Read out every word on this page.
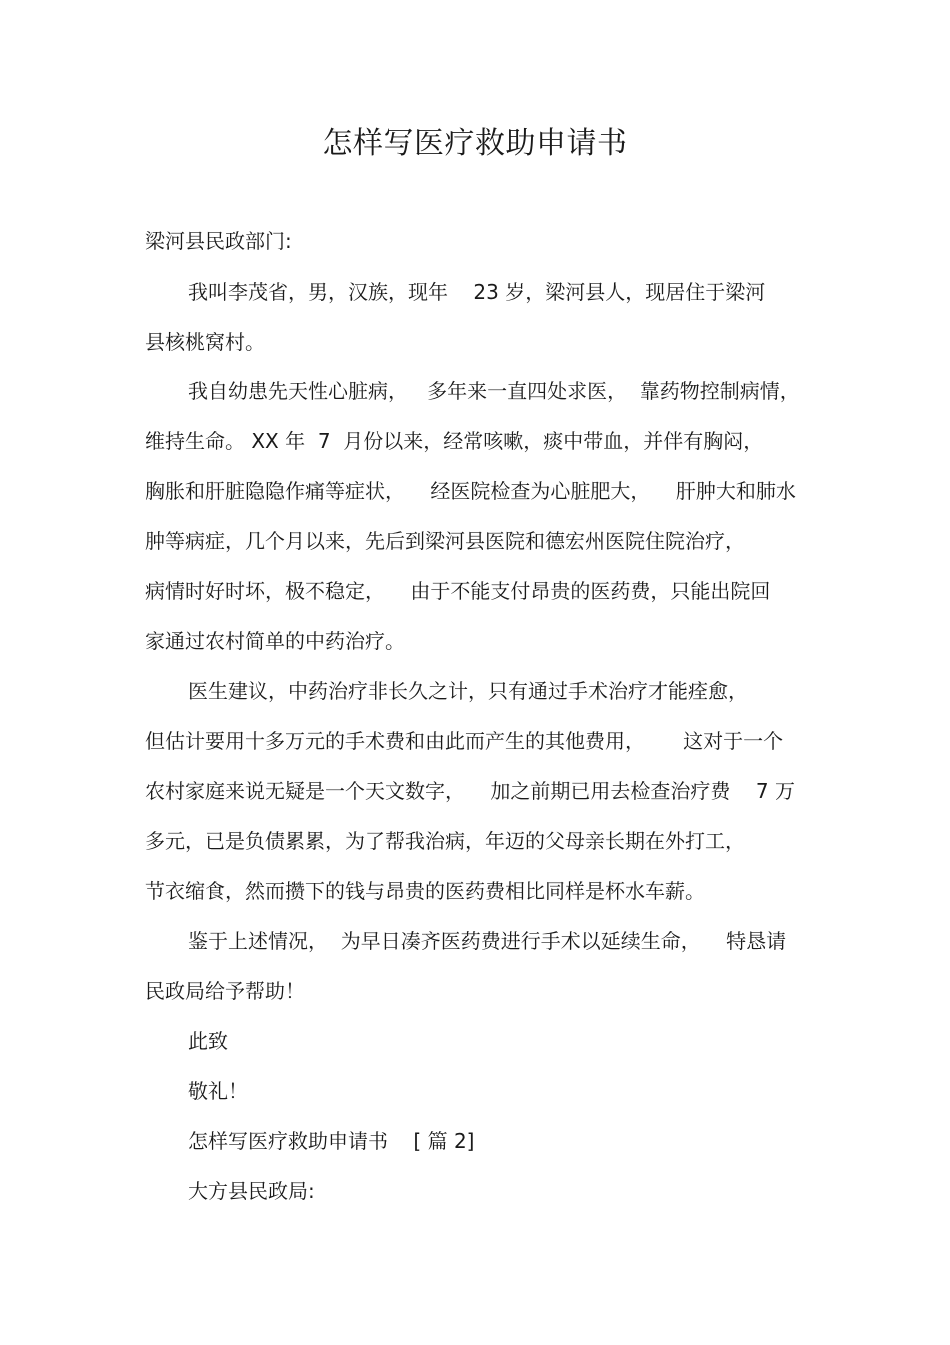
怎样写医疗救助申请书
梁河县民政部门:
我叫李茂省，男，汉族，现年    23 岁，梁河县人，现居住于梁河
县核桃窝村。
我自幼患先天性心脏病，   多年来一直四处求医，  靠药物控制病情，
维持生命。 XX 年  7  月份以来，经常咳嗽，痰中带血，并伴有胸闷，
胸胀和肝脏隐隐作痛等症状，    经医院检查为心脏肥大，    肝肿大和肺水
肿等病症，几个月以来，先后到梁河县医院和德宏州医院住院治疗，
病情时好时坏，极不稳定，    由于不能支付昂贵的医药费，只能出院回
家通过农村简单的中药治疗。
医生建议，中药治疗非长久之计，只有通过手术治疗才能痊愈，
但估计要用十多万元的手术费和由此而产生的其他费用，      这对于一个
农村家庭来说无疑是一个天文数字，    加之前期已用去检查治疗费    7 万
多元，已是负债累累，为了帮我治病，年迈的父母亲长期在外打工，
节衣缩食，然而攒下的钱与昂贵的医药费相比同样是杯水车薪。
鉴于上述情况，  为早日凑齐医药费进行手术以延续生命，    特恳请
民政局给予帮助！
此致
敬礼！
怎样写医疗救助申请书    [ 篇 2]
大方县民政局:
